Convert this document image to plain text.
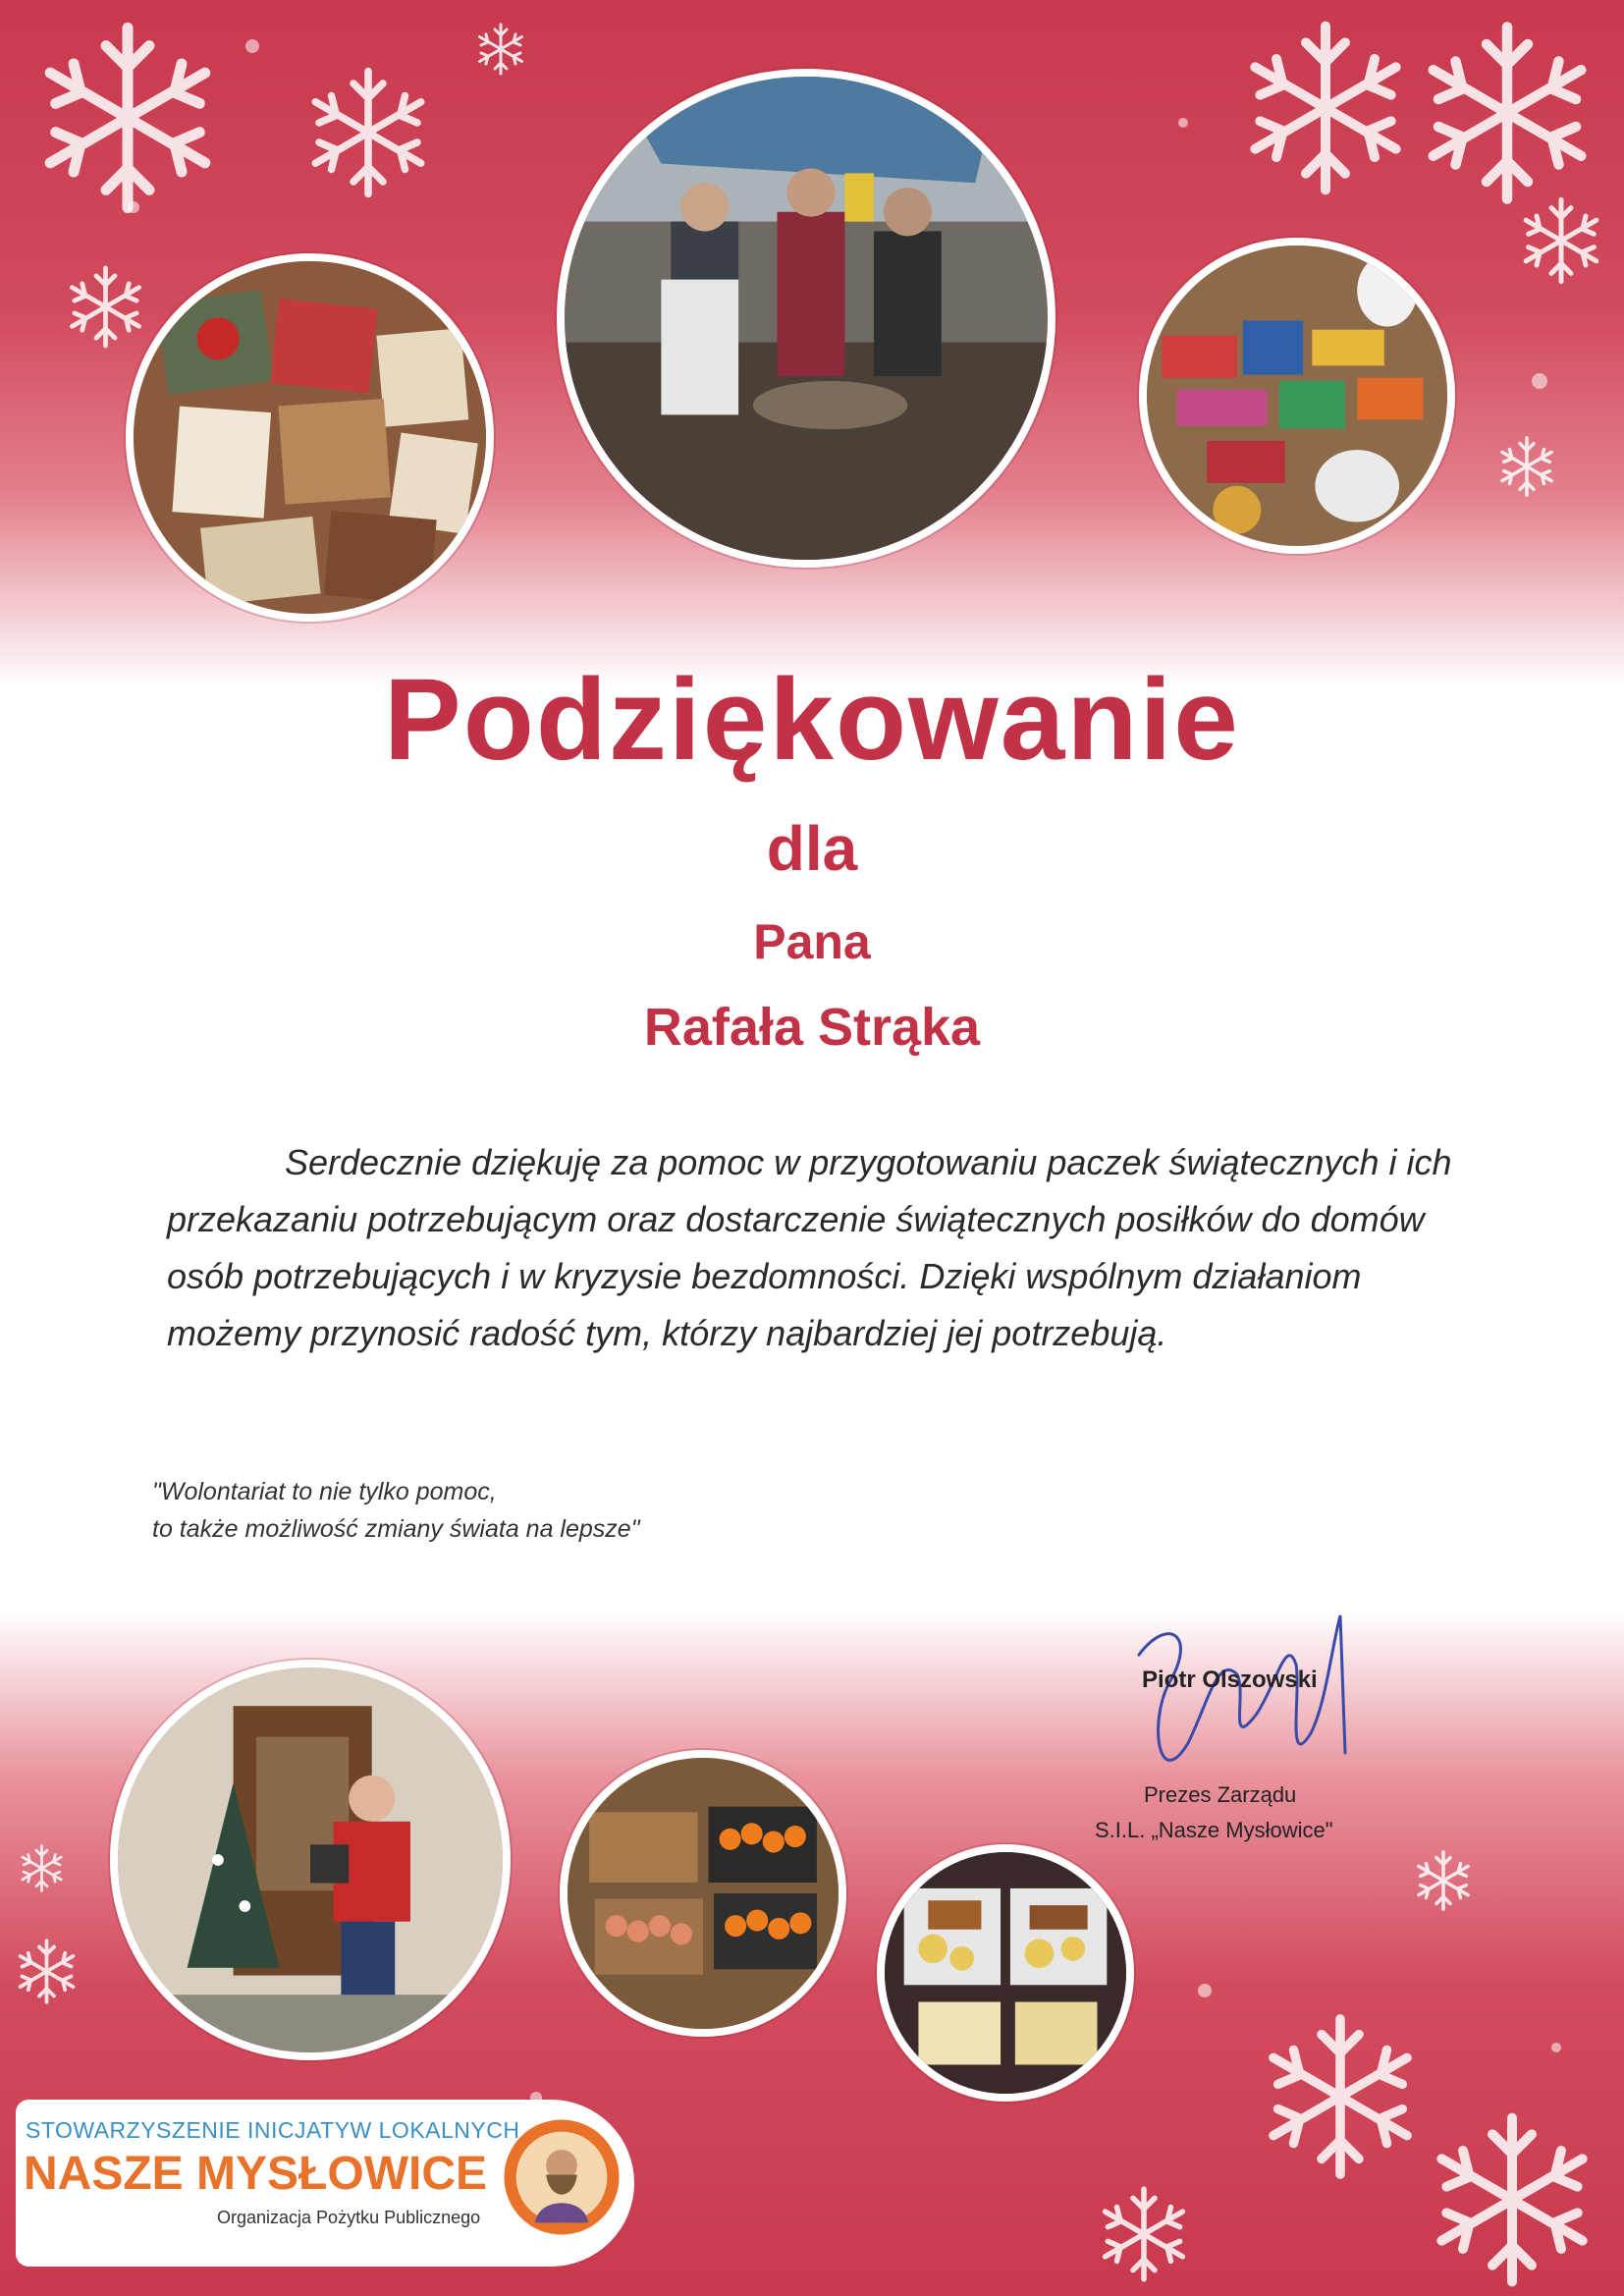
Podziękowanie
dla
Pana
Rafała Strąka
Serdecznie dziękuję za pomoc w przygotowaniu paczek świątecznych i ich przekazaniu potrzebującym oraz dostarczenie świątecznych posiłków do domów osób potrzebujących i w kryzysie bezdomności. Dzięki wspólnym działaniom możemy przynosić radość tym, którzy najbardziej jej potrzebują.
"Wolontariat to nie tylko pomoc,
to także możliwość zmiany świata na lepsze"
Piotr Olszowski
Prezes Zarządu
S.I.L. „Nasze Mysłowice"
STOWARZYSZENIE INICJATYW LOKALNYCH
NASZE MYSŁOWICE
Organizacja Pożytku Publicznego
